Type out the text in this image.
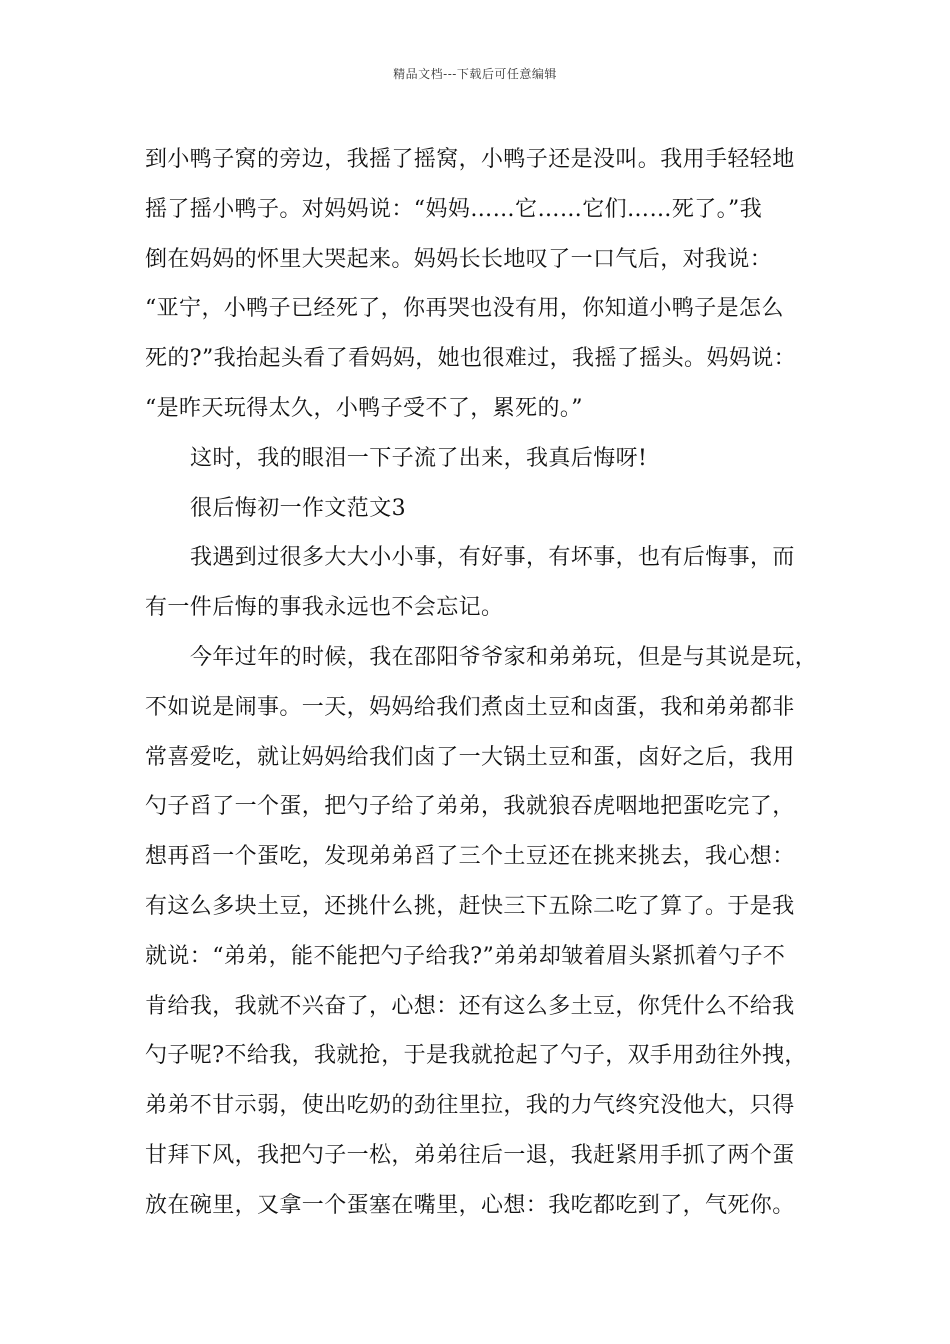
精品文档---下载后可任意编辑
到小鸭子窝的旁边，我摇了摇窝，小鸭子还是没叫。我用手轻轻地
摇了摇小鸭子。对妈妈说：“妈妈……它……它们……死了。”我
倒在妈妈的怀里大哭起来。妈妈长长地叹了一口气后，对我说：
“亚宁，小鸭子已经死了，你再哭也没有用，你知道小鸭子是怎么
死的?”我抬起头看了看妈妈，她也很难过，我摇了摇头。妈妈说：
“是昨天玩得太久，小鸭子受不了，累死的。”
这时，我的眼泪一下子流了出来，我真后悔呀!
很后悔初一作文范文3
我遇到过很多大大小小事，有好事，有坏事，也有后悔事，而
有一件后悔的事我永远也不会忘记。
今年过年的时候，我在邵阳爷爷家和弟弟玩，但是与其说是玩，
不如说是闹事。一天，妈妈给我们煮卤土豆和卤蛋，我和弟弟都非
常喜爱吃，就让妈妈给我们卤了一大锅土豆和蛋，卤好之后，我用
勺子舀了一个蛋，把勺子给了弟弟，我就狼吞虎咽地把蛋吃完了，
想再舀一个蛋吃，发现弟弟舀了三个土豆还在挑来挑去，我心想：
有这么多块土豆，还挑什么挑，赶快三下五除二吃了算了。于是我
就说：“弟弟，能不能把勺子给我?”弟弟却皱着眉头紧抓着勺子不
肯给我，我就不兴奋了，心想：还有这么多土豆，你凭什么不给我
勺子呢?不给我，我就抢，于是我就抢起了勺子，双手用劲往外拽，
弟弟不甘示弱，使出吃奶的劲往里拉，我的力气终究没他大，只得
甘拜下风，我把勺子一松，弟弟往后一退，我赶紧用手抓了两个蛋
放在碗里，又拿一个蛋塞在嘴里，心想：我吃都吃到了，气死你。
